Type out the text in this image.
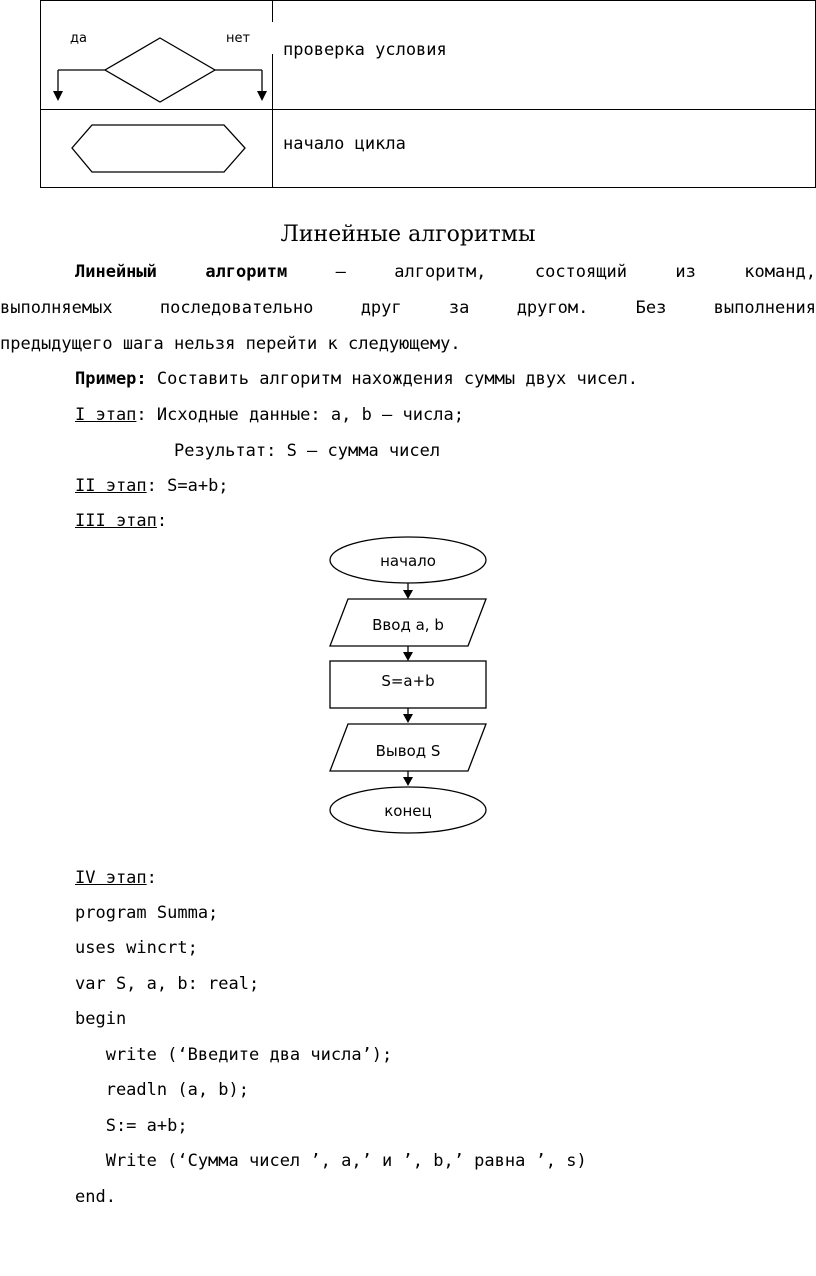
да	нет
проверка условия
начало цикла
Линейные алгоритмы
Линейный	алгоритм	–	алгоритм,	состоящий	из	команд,
выполняемых	последовательно	друг	за	другом.	Без	выполнения
предыдущего шага нельзя перейти к следующему.
Пример: Составить алгоритм нахождения суммы двух чисел.
I этап: Исходные данные: a, b – числа;
Результат: S – сумма чисел
II этап: S=a+b;
III этап:
начало
Ввод a, b
S=a+b
Вывод S
конец
IV этап:
program Summa;
uses wincrt;
var S, a, b: real;
begin
write (‘Введите два числа’);
readln (a, b);
S:= a+b;
Write (‘Сумма чисел ’, a,’ и ’, b,’ равна ’, s)
end.
